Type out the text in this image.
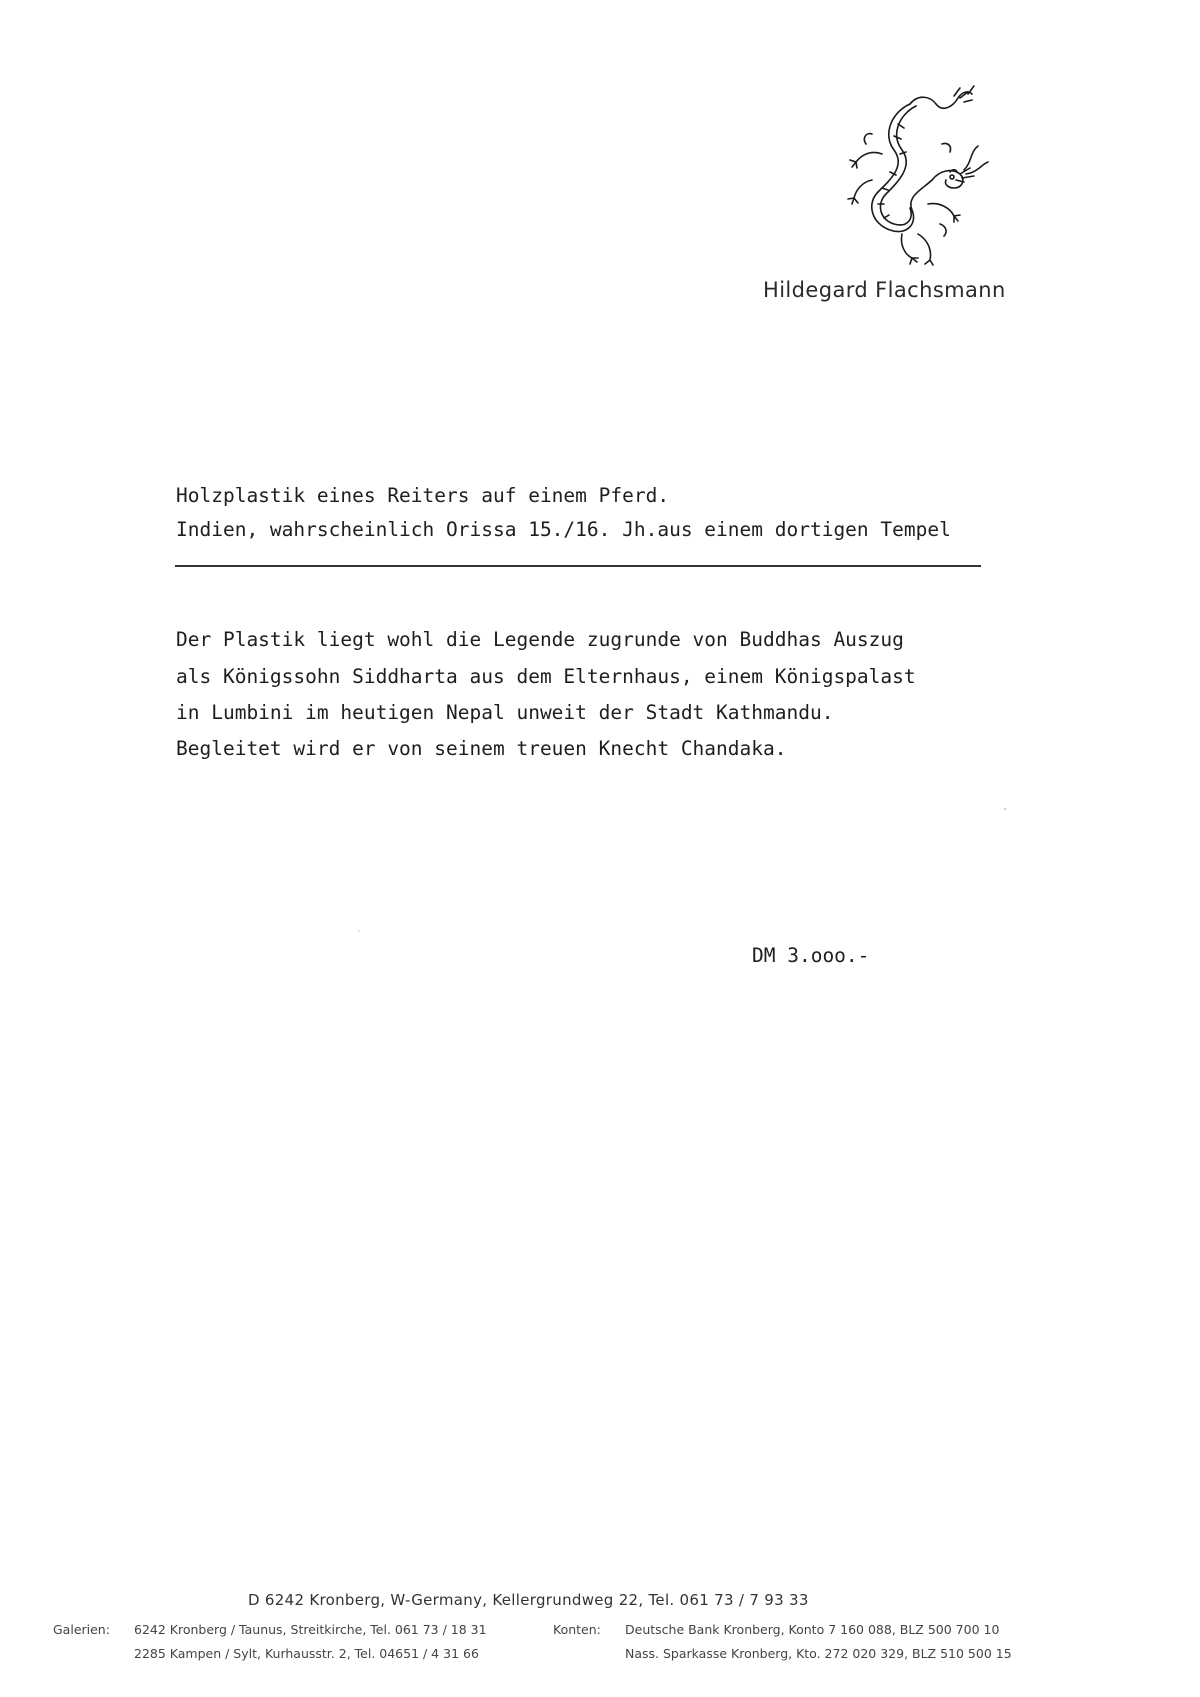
Hildegard Flachsmann
Holzplastik eines Reiters auf einem Pferd.
Indien, wahrscheinlich Orissa 15./16. Jh.aus einem dortigen Tempel
Der Plastik liegt wohl die Legende zugrunde von Buddhas Auszug
als Königssohn Siddharta aus dem Elternhaus, einem Königspalast
in Lumbini im heutigen Nepal unweit der Stadt Kathmandu.
Begleitet wird er von seinem treuen Knecht Chandaka.
DM 3.ooo.-
D 6242 Kronberg, W-Germany, Kellergrundweg 22, Tel. 061 73 / 7 93 33
Galerien: 6242 Kronberg / Taunus, Streitkirche, Tel. 061 73 / 18 31
2285 Kampen / Sylt, Kurhausstr. 2, Tel. 04651 / 4 31 66
Konten: Deutsche Bank Kronberg, Konto 7 160 088, BLZ 500 700 10
Nass. Sparkasse Kronberg, Kto. 272 020 329, BLZ 510 500 15
